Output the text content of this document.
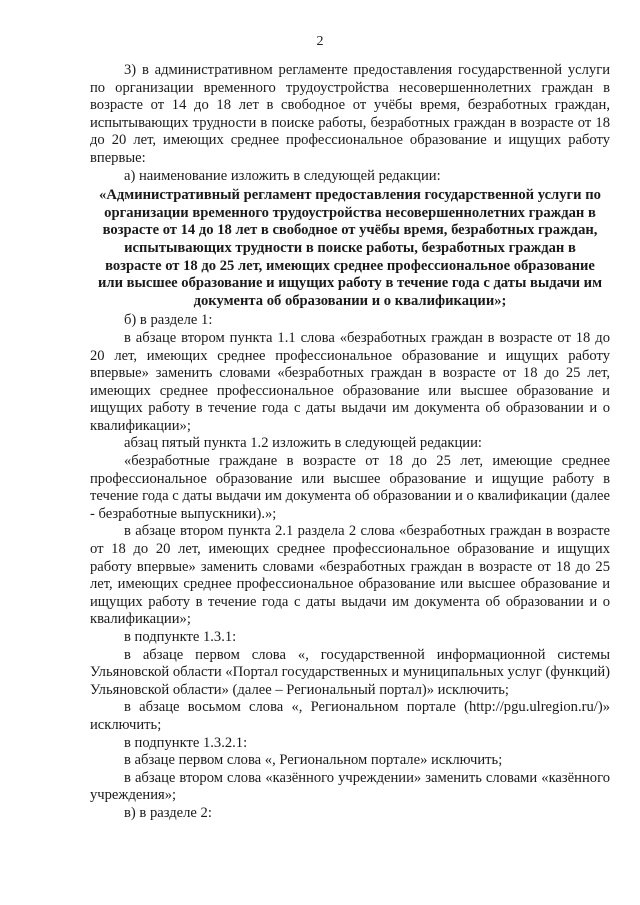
2

3) в административном регламенте предоставления государственной услуги по организации временного трудоустройства несовершеннолетних граждан в возрасте от 14 до 18 лет в свободное от учёбы время, безработных граждан, испытывающих трудности в поиске работы, безработных граждан в возрасте от 18 до 20 лет, имеющих среднее профессиональное образование и ищущих работу впервые:

а) наименование изложить в следующей редакции:

«Административный регламент предоставления государственной услуги по организации временного трудоустройства несовершеннолетних граждан в возрасте от 14 до 18 лет в свободное от учёбы время, безработных граждан, испытывающих трудности в поиске работы, безработных граждан в возрасте от 18 до 25 лет, имеющих среднее профессиональное образование или высшее образование и ищущих работу в течение года с даты выдачи им документа об образовании и о квалификации»;

б) в разделе 1:

в абзаце втором пункта 1.1 слова «безработных граждан в возрасте от 18 до 20 лет, имеющих среднее профессиональное образование и ищущих работу впервые» заменить словами «безработных граждан в возрасте от 18 до 25 лет, имеющих среднее профессиональное образование или высшее образование и ищущих работу в течение года с даты выдачи им документа об образовании и о квалификации»;

абзац пятый пункта 1.2 изложить в следующей редакции:

«безработные граждане в возрасте от 18 до 25 лет, имеющие среднее профессиональное образование или высшее образование и ищущие работу в течение года с даты выдачи им документа об образовании и о квалификации (далее - безработные выпускники).»;

в абзаце втором пункта 2.1 раздела 2 слова «безработных граждан в возрасте от 18 до 20 лет, имеющих среднее профессиональное образование и ищущих работу впервые» заменить словами «безработных граждан в возрасте от 18 до 25 лет, имеющих среднее профессиональное образование или высшее образование и ищущих работу в течение года с даты выдачи им документа об образовании и о квалификации»;

в подпункте 1.3.1:

в абзаце первом слова «, государственной информационной системы Ульяновской области «Портал государственных и муниципальных услуг (функций) Ульяновской области» (далее – Региональный портал)» исключить;

в абзаце восьмом слова «, Региональном портале (http://pgu.ulregion.ru/)» исключить;

в подпункте 1.3.2.1:

в абзаце первом слова «, Региональном портале» исключить;

в абзаце втором слова «казённого учреждении» заменить словами «казённого учреждения»;

в) в разделе 2:
